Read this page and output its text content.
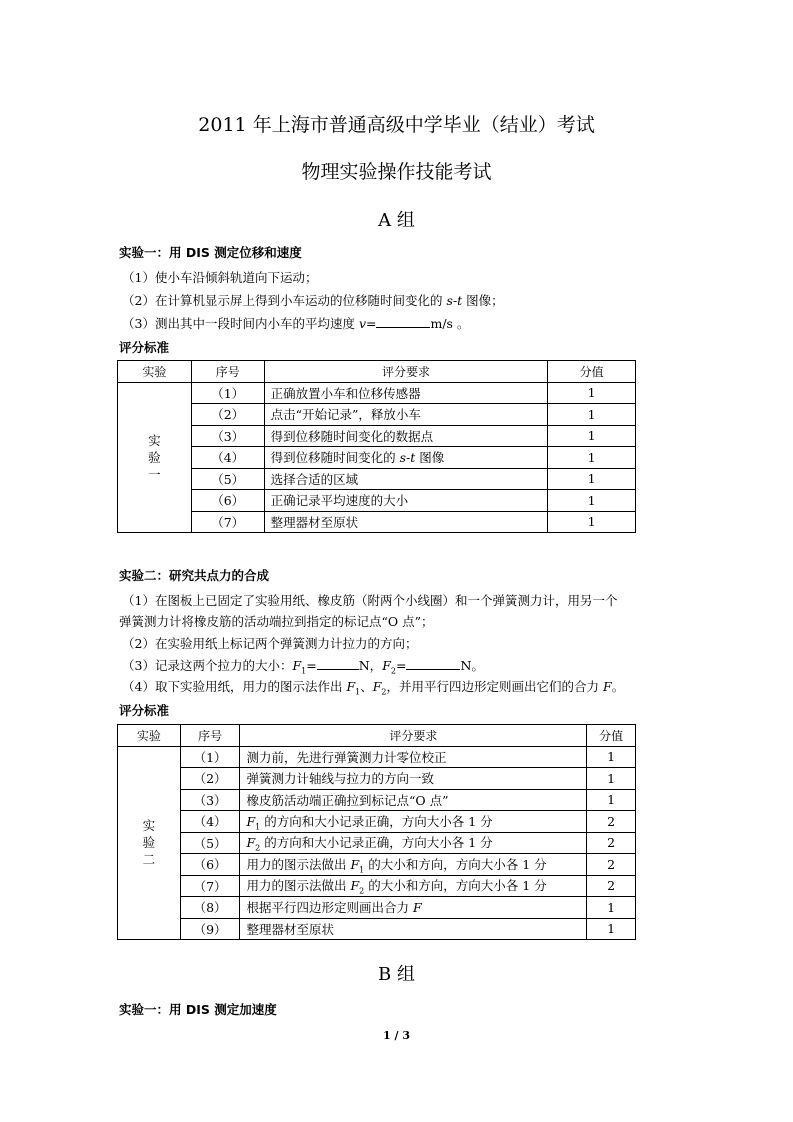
2011 年上海市普通高级中学毕业（结业）考试
物理实验操作技能考试
A 组
实验一：用 DIS 测定位移和速度
（1）使小车沿倾斜轨道向下运动；
（2）在计算机显示屏上得到小车运动的位移随时间变化的 s-t 图像；
（3）测出其中一段时间内小车的平均速度 v=	m/s 。
评分标准
实验	序号	评分要求	分值

实
验
一	（1）	正确放置小车和位移传感器	1
	（2）	点击“开始记录”，释放小车	1
	（3）	得到位移随时间变化的数据点	1
	（4）	得到位移随时间变化的 s-t 图像	1
	（5）	选择合适的区域	1
	（6）	正确记录平均速度的大小	1
	（7）	整理器材至原状	1
实验二：研究共点力的合成
（1）在图板上已固定了实验用纸、橡皮筋（附两个小线圈）和一个弹簧测力计，用另一个
弹簧测力计将橡皮筋的活动端拉到指定的标记点“O 点”；
（2）在实验用纸上标记两个弹簧测力计拉力的方向；
（3）记录这两个拉力的大小：$F_1=$	N，$F_2=$	N。
（4）取下实验用纸，用力的图示法作出 $F_1$、$F_2$，并用平行四边形定则画出它们的合力 F。
评分标准
实验	序号	评分要求	分值

实
验
二	（1）	测力前，先进行弹簧测力计零位校正	1
	（2）	弹簧测力计轴线与拉力的方向一致	1
	（3）	橡皮筋活动端正确拉到标记点“O 点”	1
	（4）	$F_1$ 的方向和大小记录正确，方向大小各 1 分	2
	（5）	$F_2$ 的方向和大小记录正确，方向大小各 1 分	2
	（6）	用力的图示法做出 $F_1$ 的大小和方向，方向大小各 1 分	2
	（7）	用力的图示法做出 $F_2$ 的大小和方向，方向大小各 1 分	2
	（8）	根据平行四边形定则画出合力 F	1
	（9）	整理器材至原状	1
B 组
实验一：用 DIS 测定加速度
1 / 3
